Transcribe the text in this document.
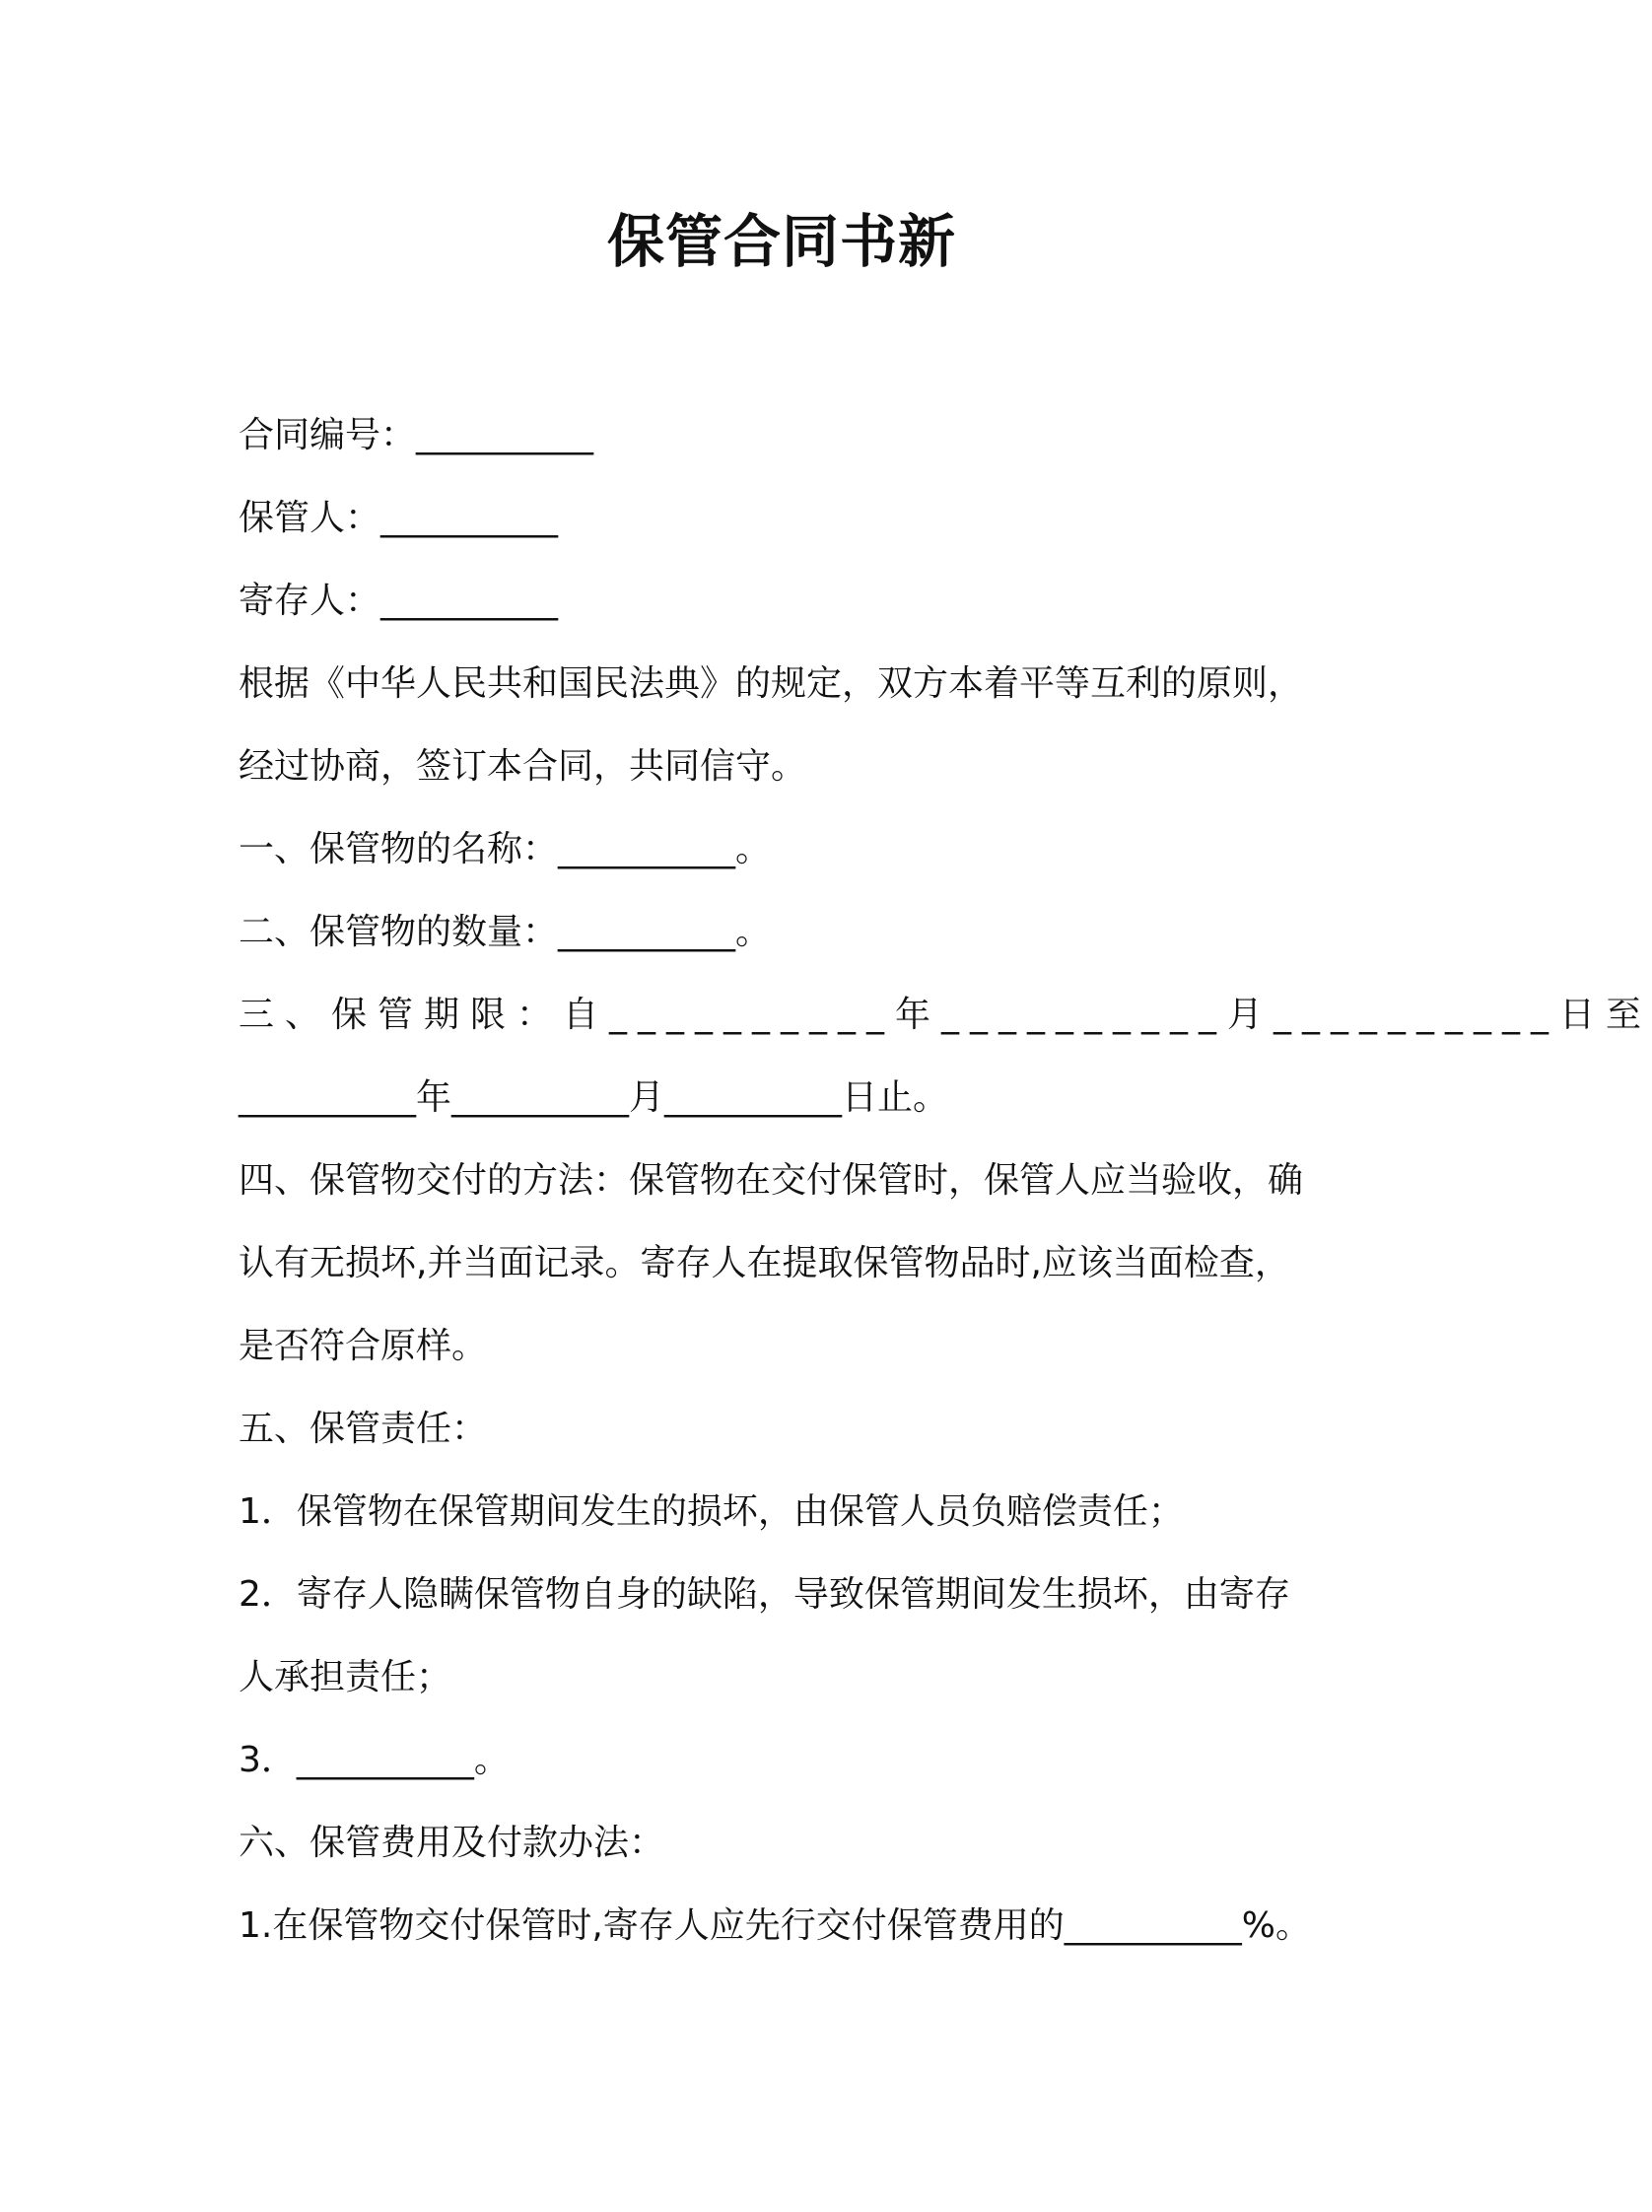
保管合同书新
合同编号：__________
保管人：__________
寄存人：__________
根据《中华人民共和国民法典》的规定，双方本着平等互利的原则，
经过协商，签订本合同，共同信守。
一、保管物的名称：__________。
二、保管物的数量：__________。
三、保管期限：自__________年__________月__________日至
__________年__________月__________日止。
四、保管物交付的方法：保管物在交付保管时，保管人应当验收，确
认有无损坏,并当面记录。寄存人在提取保管物品时,应该当面检查，
是否符合原样。
五、保管责任：
1．保管物在保管期间发生的损坏，由保管人员负赔偿责任；
2．寄存人隐瞒保管物自身的缺陷，导致保管期间发生损坏，由寄存
人承担责任；
3．__________。
六、保管费用及付款办法：
1.在保管物交付保管时,寄存人应先行交付保管费用的__________%。
